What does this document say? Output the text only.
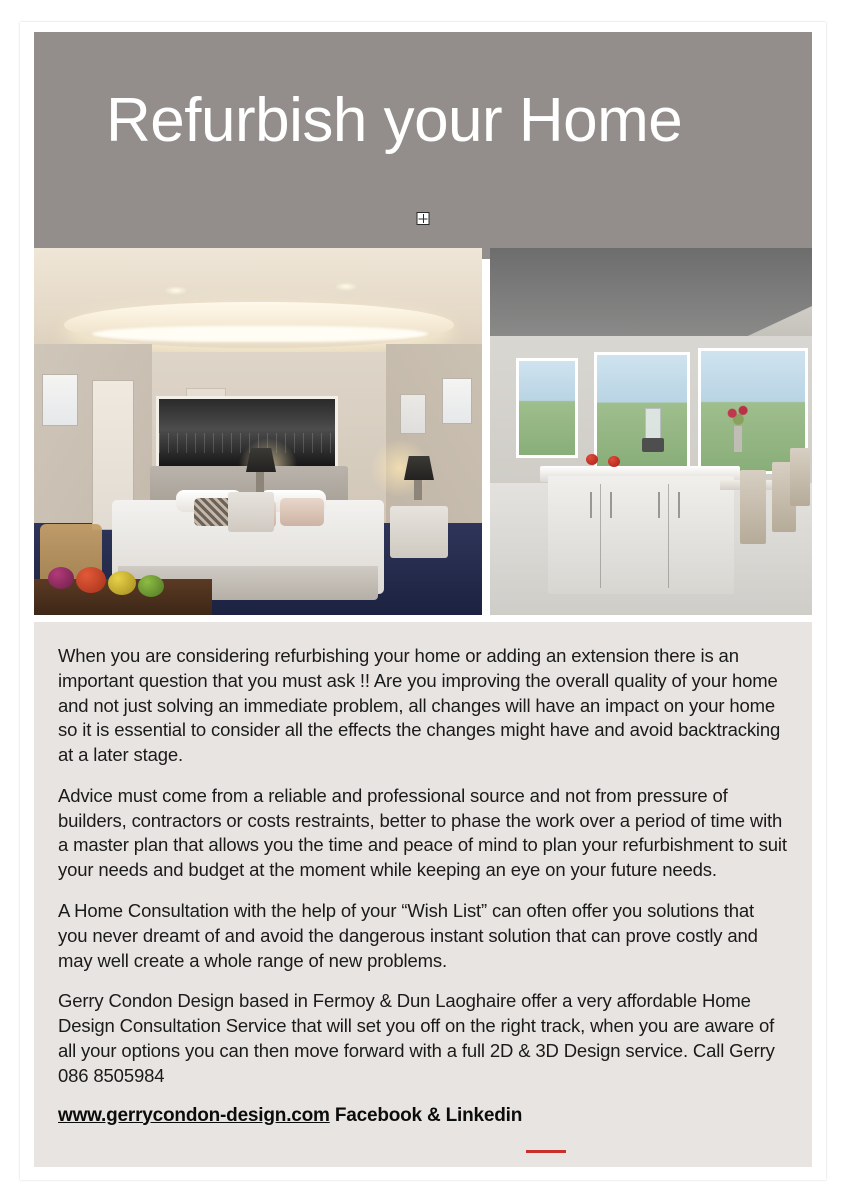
Refurbish your Home

When you are considering refurbishing your home or adding an extension there is an important question that you must ask !! Are you improving the overall quality of your home and not just solving an immediate problem, all changes will have an impact on your home so it is essential to consider all the effects the changes might have and avoid backtracking at a later stage.

Advice must come from a reliable and professional source and not from pressure of builders, contractors or costs restraints, better to phase the work over a period of time with a master plan that allows you the time and peace of mind to plan your refurbishment to suit your needs and budget at the moment while keeping an eye on your future needs.

A Home Consultation with the help of your “Wish List” can often offer you solutions that you never dreamt of and avoid the dangerous instant solution that can prove costly and may well create a whole range of new problems.

Gerry Condon Design based in Fermoy & Dun Laoghaire offer a very affordable Home Design Consultation Service that will set you off on the right track, when you are aware of all your options you can then move forward with a full 2D & 3D Design service. Call Gerry 086 8505984

www.gerrycondon-design.com Facebook & Linkedin
